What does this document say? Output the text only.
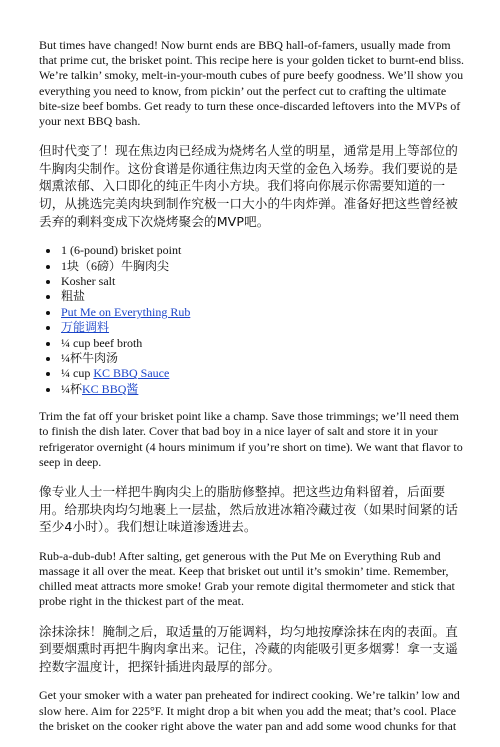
But times have changed! Now burnt ends are BBQ hall-of-famers, usually made from that prime cut, the brisket point. This recipe here is your golden ticket to burnt-end bliss. We’re talkin’ smoky, melt-in-your-mouth cubes of pure beefy goodness. We’ll show you everything you need to know, from pickin’ out the perfect cut to crafting the ultimate bite-size beef bombs. Get ready to turn these once-discarded leftovers into the MVPs of your next BBQ bash.

但时代变了！现在焦边肉已经成为烧烤名人堂的明星，通常是用上等部位的牛胸肉尖制作。这份食谱是你通往焦边肉天堂的金色入场券。我们要说的是烟熏浓郁、入口即化的纯正牛肉小方块。我们将向你展示你需要知道的一切，从挑选完美肉块到制作究极一口大小的牛肉炸弹。准备好把这些曾经被丢弃的剩料变成下次烧烤聚会的MVP吧。

1 (6-pound) brisket point
1块（6磅）牛胸肉尖
Kosher salt
粗盐
Put Me on Everything Rub
万能调料
¼ cup beef broth
¼杯牛肉汤
¼ cup KC BBQ Sauce
¼杯KC BBQ酱

Trim the fat off your brisket point like a champ. Save those trimmings; we’ll need them to finish the dish later. Cover that bad boy in a nice layer of salt and store it in your refrigerator overnight (4 hours minimum if you’re short on time). We want that flavor to seep in deep.

像专业人士一样把牛胸肉尖上的脂肪修整掉。把这些边角料留着，后面要用。给那块肉均匀地裹上一层盐，然后放进冰箱冷藏过夜（如果时间紧的话至少4小时）。我们想让味道渗透进去。

Rub-a-dub-dub! After salting, get generous with the Put Me on Everything Rub and massage it all over the meat. Keep that brisket out until it’s smokin’ time. Remember, chilled meat attracts more smoke! Grab your remote digital thermometer and stick that probe right in the thickest part of the meat.

涂抹涂抹！腌制之后，取适量的万能调料，均匀地按摩涂抹在肉的表面。直到要烟熏时再把牛胸肉拿出来。记住，冷藏的肉能吸引更多烟雾！拿一支遥控数字温度计，把探针插进肉最厚的部分。

Get your smoker with a water pan preheated for indirect cooking. We’re talkin’ low and slow here. Aim for 225°F. It might drop a bit when you add the meat; that’s cool. Place the brisket on the cooker right above the water pan and add some wood chunks for that
